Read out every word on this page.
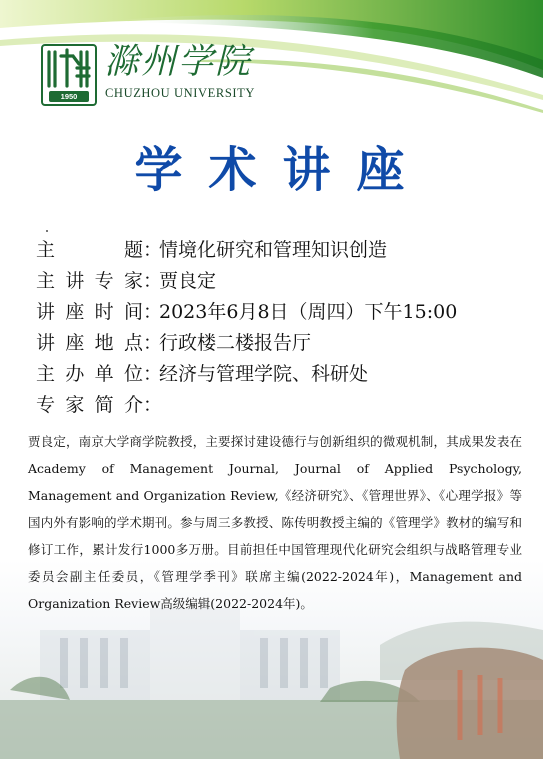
1950
滁州学院
CHUZHOU UNIVERSITY
学术讲座
主题 ：
情境化研究和管理知识创造
主讲专家 ：
贾良定
讲座时间 ：
2023年6月8日（周四）下午15:00
讲座地点 ：
行政楼二楼报告厅
主办单位 ：
经济与管理学院、科研处
专家简介 ：
贾良定，南京大学商学院教授，主要探讨建设德行与创新组织的微观机制，其成果发表在Academy of Management Journal, Journal of Applied Psychology, Management and Organization Review,《经济研究》、《管理世界》、《心理学报》等国内外有影响的学术期刊。参与周三多教授、陈传明教授主编的《管理学》教材的编写和修订工作，累计发行1000多万册。目前担任中国管理现代化研究会组织与战略管理专业委员会副主任委员，《管理学季刊》联席主编(2022-2024年)，Management and Organization Review高级编辑(2022-2024年)。
